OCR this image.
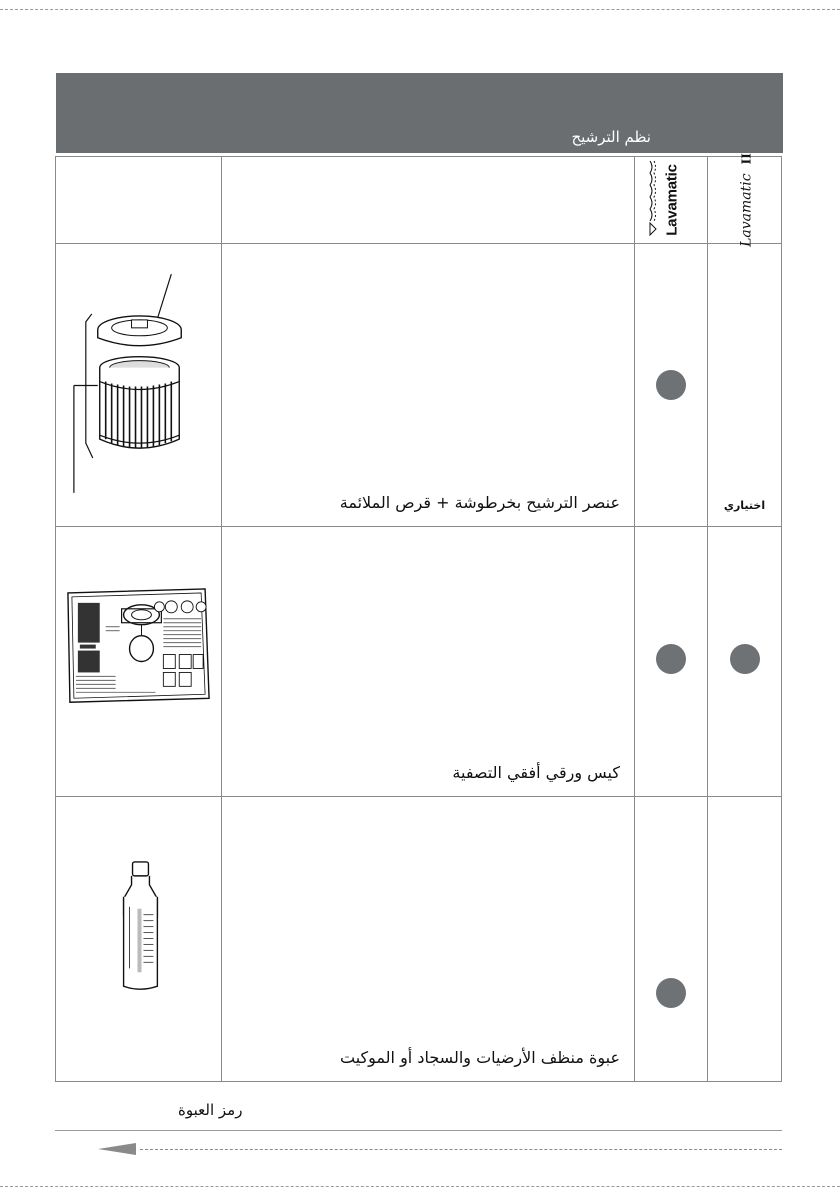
نظم الترشيح

		Lavamatic	Lavamatic II

عنصر الترشيح بخرطوشة + قرص الملائمة		اختياري

كيس ورقي أفقي التصفية		

عبوة منظف الأرضيات والسجاد أو الموكيت		

رمز العبوة
